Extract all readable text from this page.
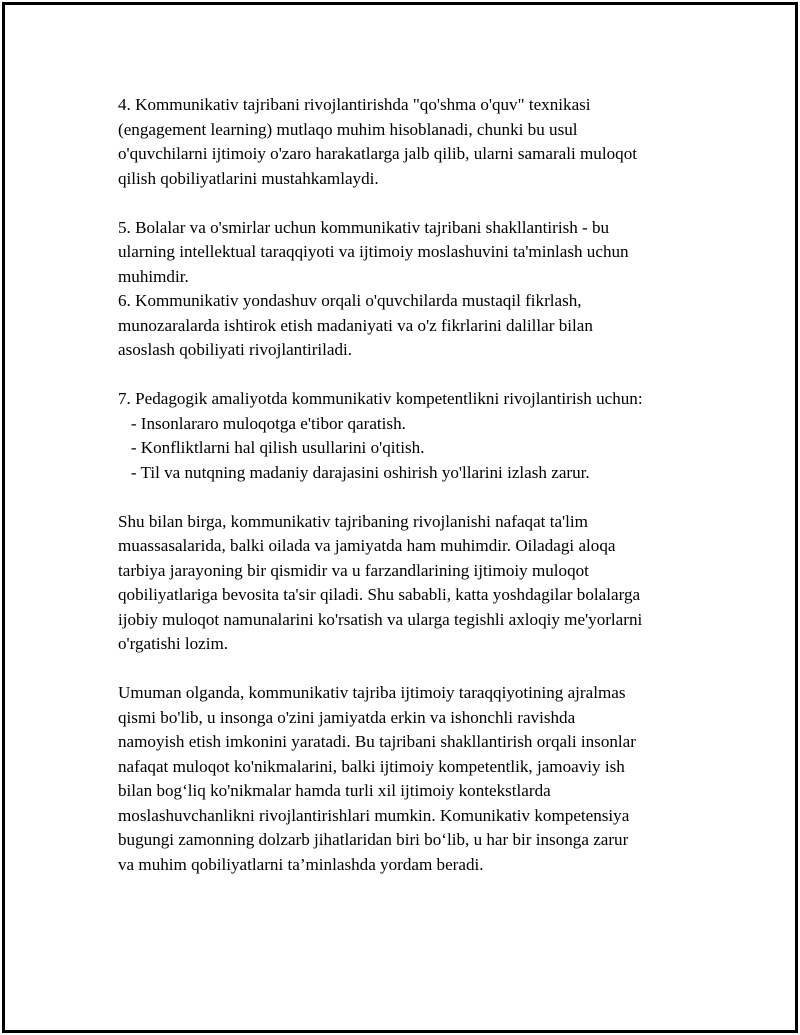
4. Kommunikativ tajribani rivojlantirishda "qo'shma o'quv" texnikasi
(engagement learning) mutlaqo muhim hisoblanadi, chunki bu usul
o'quvchilarni ijtimoiy o'zaro harakatlarga jalb qilib, ularni samarali muloqot
qilish qobiliyatlarini mustahkamlaydi.
5. Bolalar va o'smirlar uchun kommunikativ tajribani shakllantirish - bu
ularning intellektual taraqqiyoti va ijtimoiy moslashuvini ta'minlash uchun
muhimdir.
6. Kommunikativ yondashuv orqali o'quvchilarda mustaqil fikrlash,
munozaralarda ishtirok etish madaniyati va o'z fikrlarini dalillar bilan
asoslash qobiliyati rivojlantiriladi.
7. Pedagogik amaliyotda kommunikativ kompetentlikni rivojlantirish uchun:
- Insonlararo muloqotga e'tibor qaratish.
- Konfliktlarni hal qilish usullarini o'qitish.
- Til va nutqning madaniy darajasini oshirish yo'llarini izlash zarur.
Shu bilan birga, kommunikativ tajribaning rivojlanishi nafaqat ta'lim
muassasalarida, balki oilada va jamiyatda ham muhimdir. Oiladagi aloqa
tarbiya jarayoning bir qismidir va u farzandlarining ijtimoiy muloqot
qobiliyatlariga bevosita ta'sir qiladi. Shu sababli, katta yoshdagilar bolalarga
ijobiy muloqot namunalarini ko'rsatish va ularga tegishli axloqiy me'yorlarni
o'rgatishi lozim.
Umuman olganda, kommunikativ tajriba ijtimoiy taraqqiyotining ajralmas
qismi bo'lib, u insonga o'zini jamiyatda erkin va ishonchli ravishda
namoyish etish imkonini yaratadi. Bu tajribani shakllantirish orqali insonlar
nafaqat muloqot ko'nikmalarini, balki ijtimoiy kompetentlik, jamoaviy ish
bilan bog‘liq ko'nikmalar hamda turli xil ijtimoiy kontekstlarda
moslashuvchanlikni rivojlantirishlari mumkin. Komunikativ kompetensiya
bugungi zamonning dolzarb jihatlaridan biri bo‘lib, u har bir insonga zarur
va muhim qobiliyatlarni ta’minlashda yordam beradi.
